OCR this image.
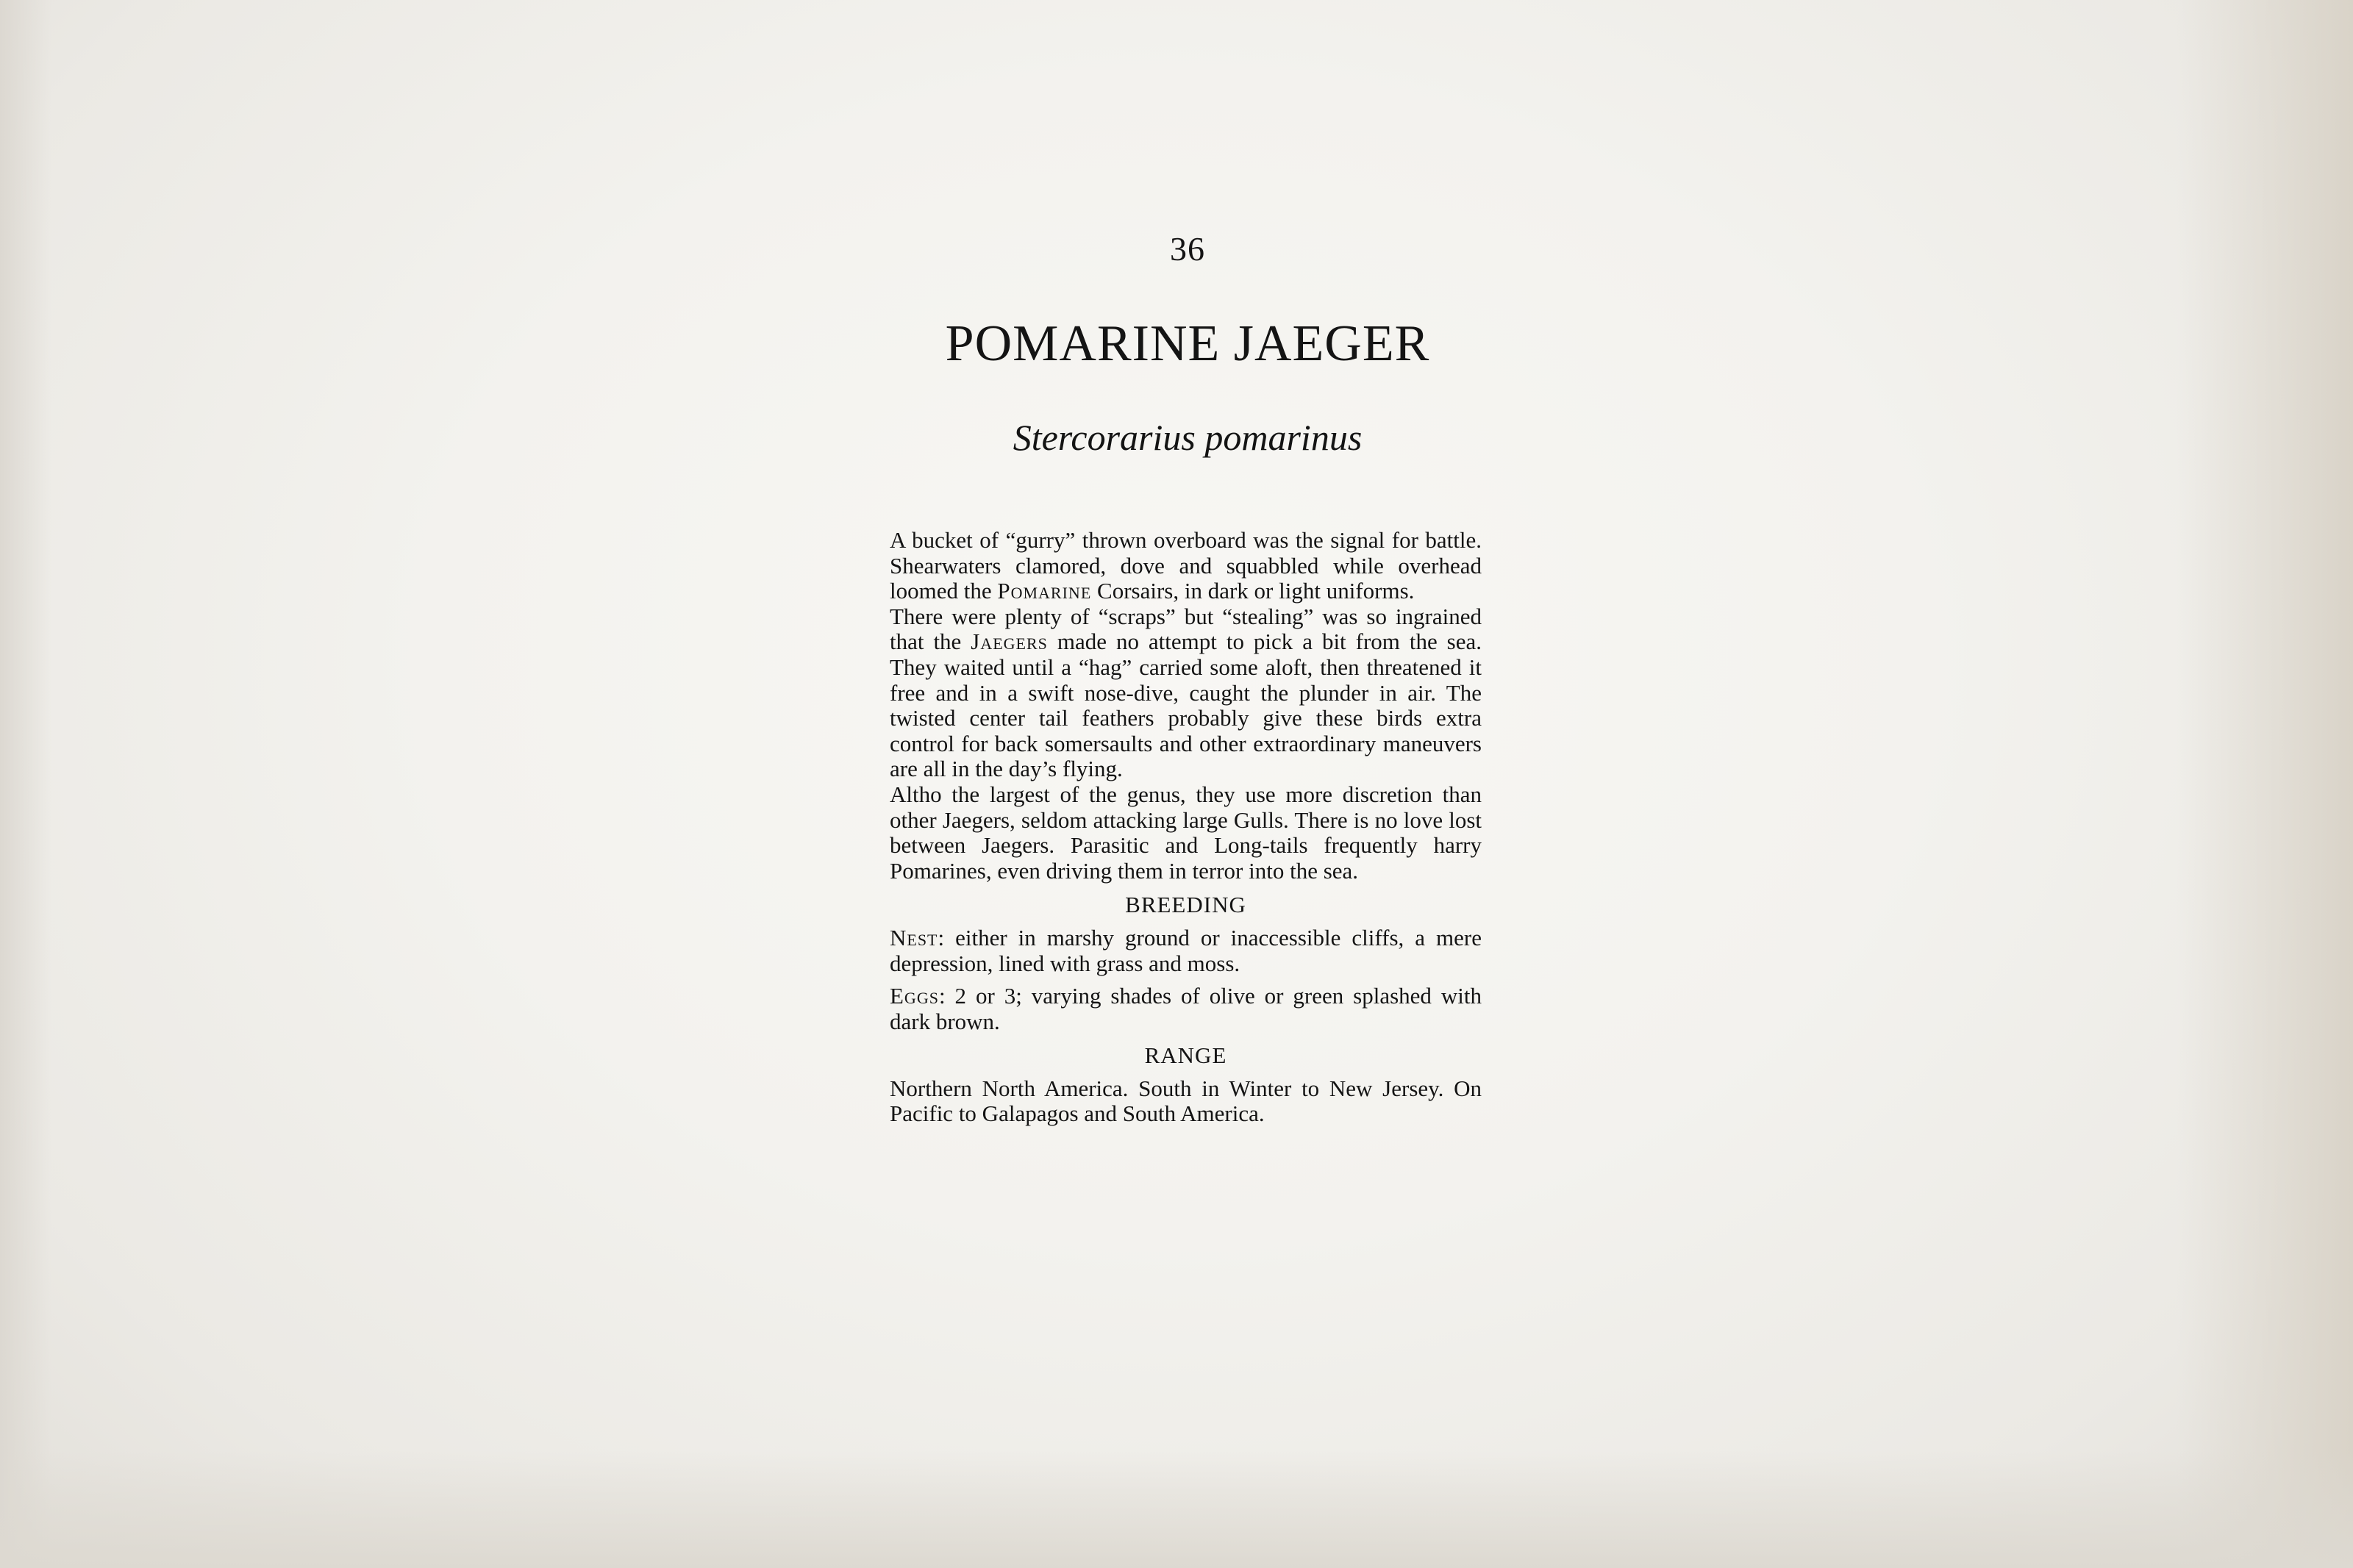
36
POMARINE JAEGER
Stercorarius pomarinus

A bucket of “gurry” thrown overboard was the signal for battle. Shearwaters clamored, dove and squabbled while overhead loomed the Pomarine Corsairs, in dark or light uniforms.

There were plenty of “scraps” but “stealing” was so ingrained that the Jaegers made no attempt to pick a bit from the sea. They waited until a “hag” carried some aloft, then threatened it free and in a swift nose-dive, caught the plunder in air. The twisted center tail feathers probably give these birds extra control for back somersaults and other extraordinary maneuvers are all in the day’s flying.

Altho the largest of the genus, they use more discretion than other Jaegers, seldom attacking large Gulls. There is no love lost between Jaegers. Parasitic and Long-tails frequently harry Pomarines, even driving them in terror into the sea.

BREEDING

Nest: either in marshy ground or inaccessible cliffs, a mere depression, lined with grass and moss.

Eggs: 2 or 3; varying shades of olive or green splashed with dark brown.

RANGE

Northern North America. South in Winter to New Jersey. On Pacific to Galapagos and South America.
